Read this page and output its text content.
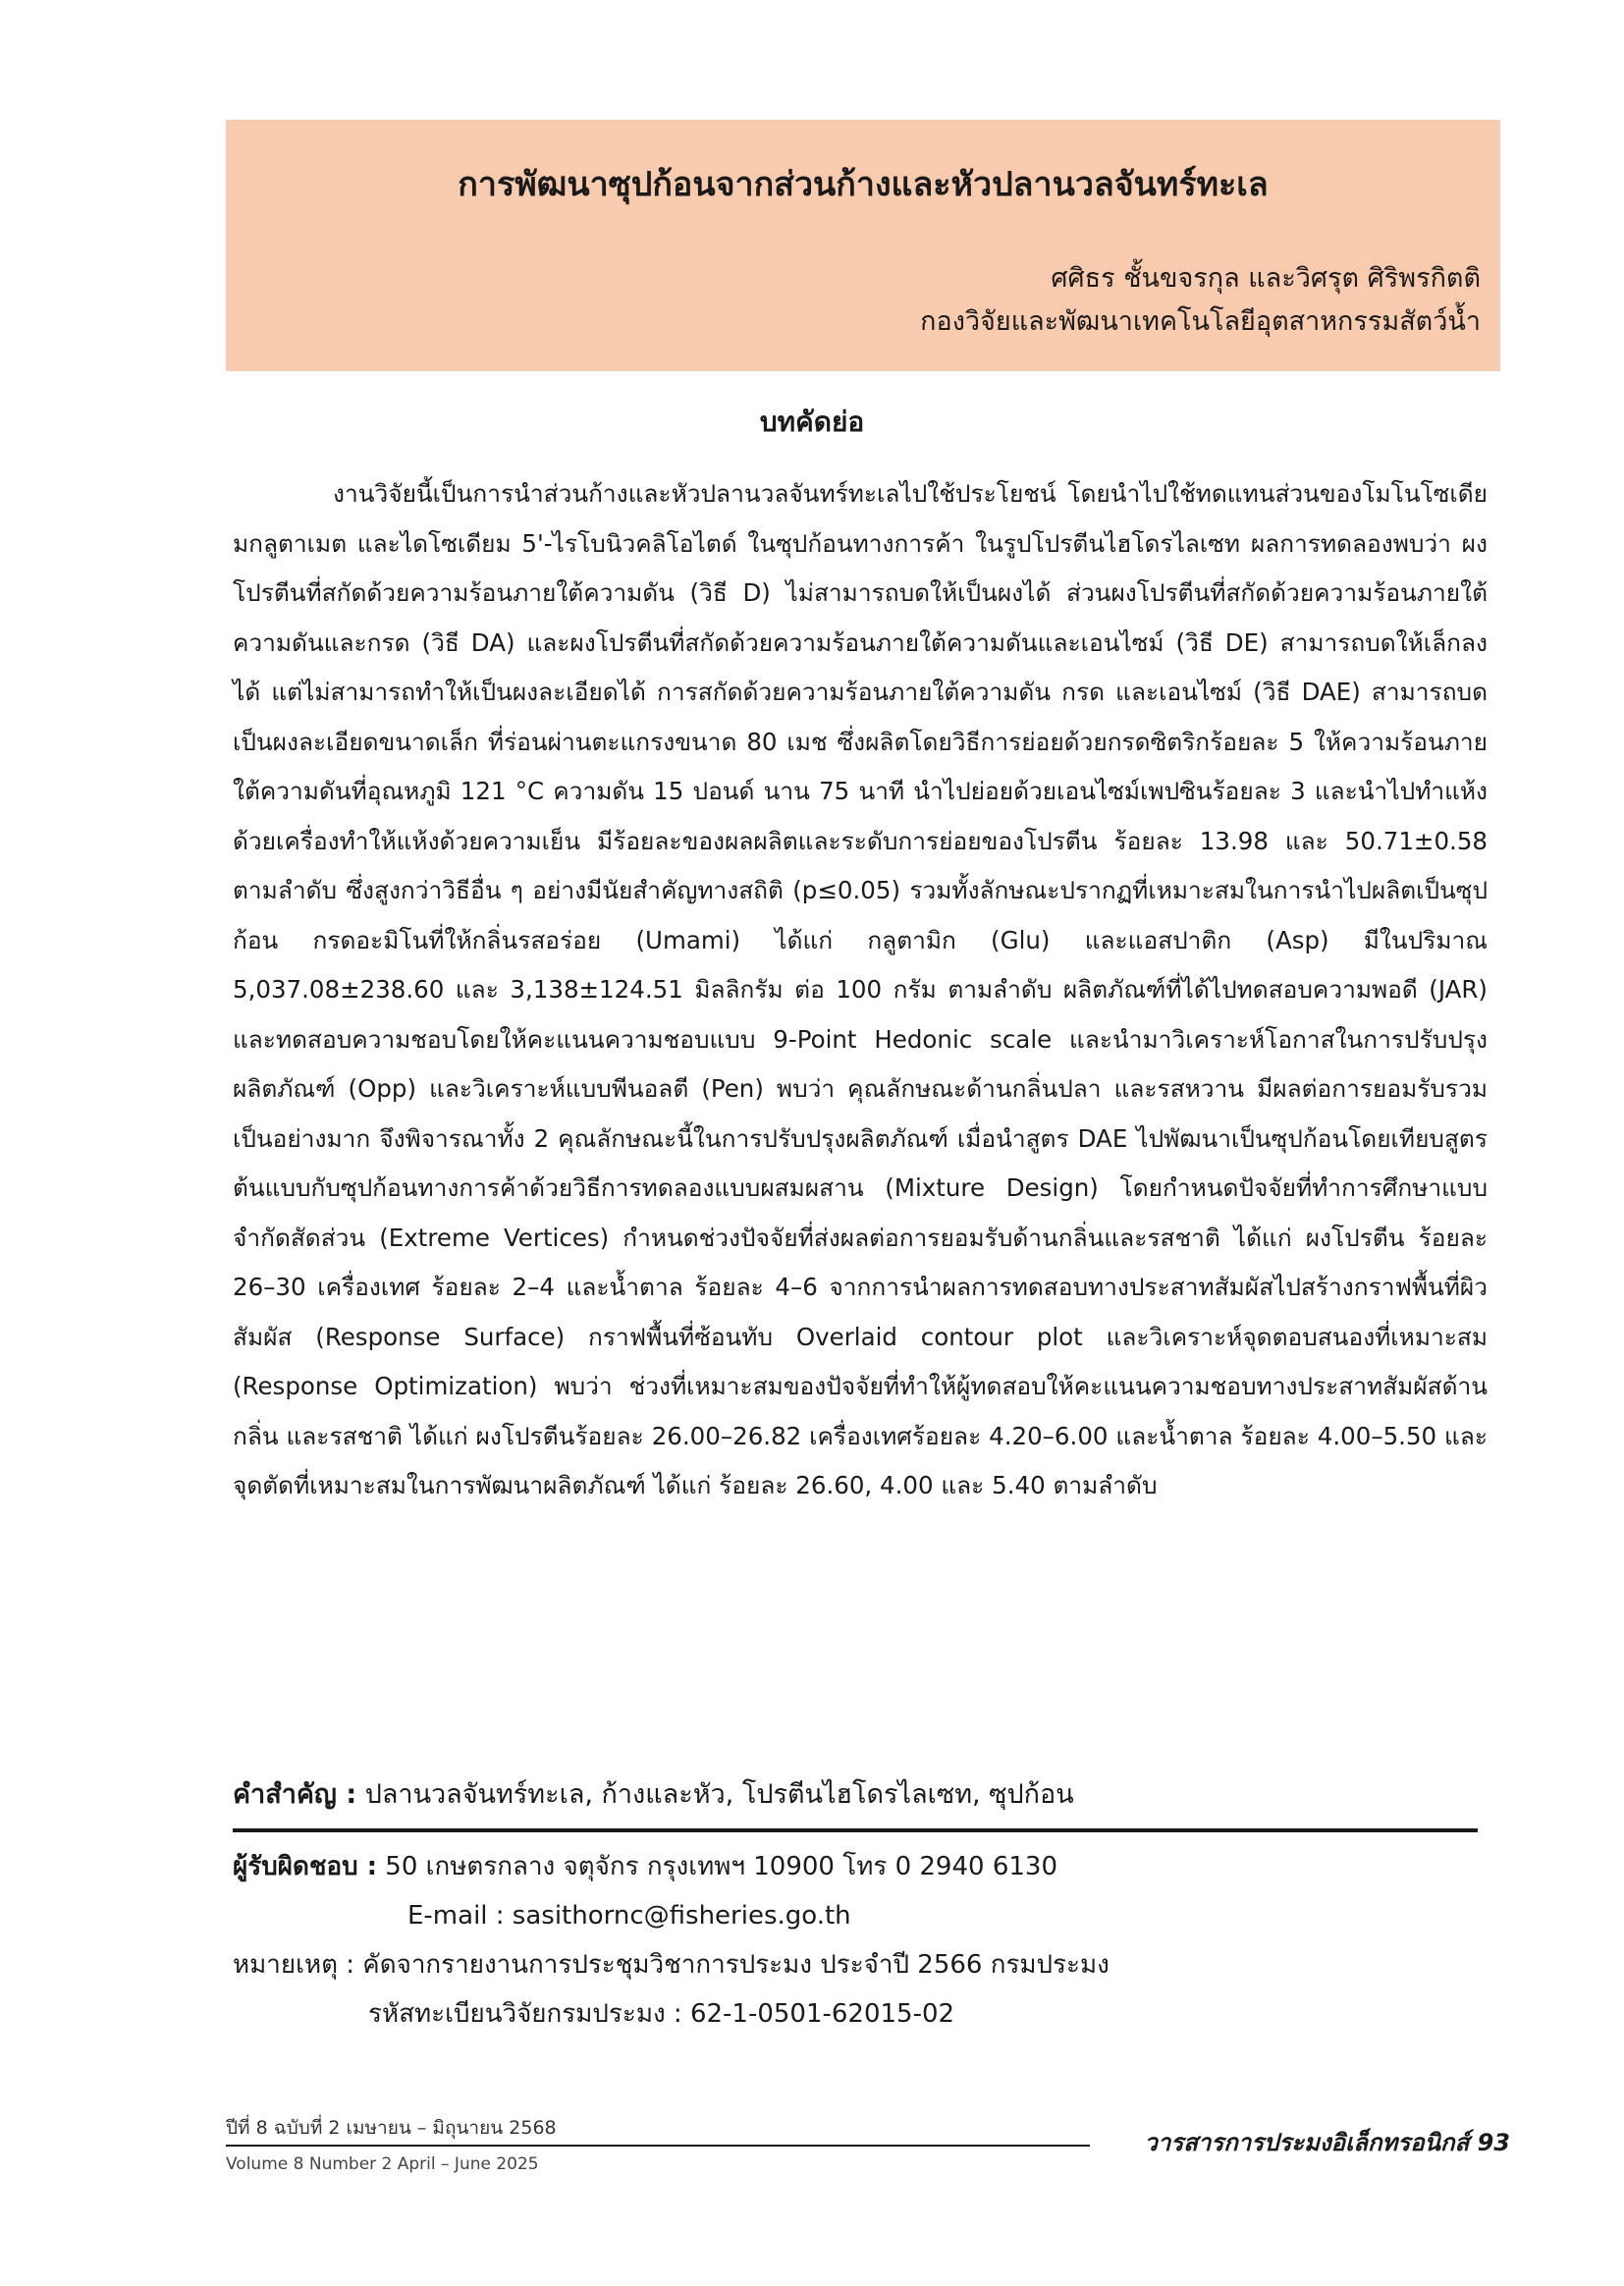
การพัฒนาซุปก้อนจากส่วนก้างและหัวปลานวลจันทร์ทะเล
ศศิธร ชั้นขจรกุล และวิศรุต ศิริพรกิตติ
กองวิจัยและพัฒนาเทคโนโลยีอุตสาหกรรมสัตว์น้ำ
บทคัดย่อ

งานวิจัยนี้เป็นการนำส่วนก้างและหัวปลานวลจันทร์ทะเลไปใช้ประโยชน์ โดยนำไปใช้ทดแทนส่วนของโมโนโซเดียมกลูตาเมต และไดโซเดียม 5'-ไรโบนิวคลิโอไตด์ ในซุปก้อนทางการค้า ในรูปโปรตีนไฮโดรไลเซท ผลการทดลองพบว่า ผงโปรตีนที่สกัดด้วยความร้อนภายใต้ความดัน (วิธี D) ไม่สามารถบดให้เป็นผงได้ ส่วนผงโปรตีนที่สกัดด้วยความร้อนภายใต้ความดันและกรด (วิธี DA) และผงโปรตีนที่สกัดด้วยความร้อนภายใต้ความดันและเอนไซม์ (วิธี DE) สามารถบดให้เล็กลงได้ แต่ไม่สามารถทำให้เป็นผงละเอียดได้ การสกัดด้วยความร้อนภายใต้ความดัน กรด และเอนไซม์ (วิธี DAE) สามารถบดเป็นผงละเอียดขนาดเล็ก ที่ร่อนผ่านตะแกรงขนาด 80 เมช ซึ่งผลิตโดยวิธีการย่อยด้วยกรดซิตริกร้อยละ 5 ให้ความร้อนภายใต้ความดันที่อุณหภูมิ 121 °C ความดัน 15 ปอนด์ นาน 75 นาที นำไปย่อยด้วยเอนไซม์เพปซินร้อยละ 3 และนำไปทำแห้งด้วยเครื่องทำให้แห้งด้วยความเย็น มีร้อยละของผลผลิตและระดับการย่อยของโปรตีน ร้อยละ 13.98 และ 50.71±0.58 ตามลำดับ ซึ่งสูงกว่าวิธีอื่น ๆ อย่างมีนัยสำคัญทางสถิติ (p≤0.05) รวมทั้งลักษณะปรากฏที่เหมาะสมในการนำไปผลิตเป็นซุปก้อน กรดอะมิโนที่ให้กลิ่นรสอร่อย (Umami) ได้แก่ กลูตามิก (Glu) และแอสปาติก (Asp) มีในปริมาณ 5,037.08±238.60 และ 3,138±124.51 มิลลิกรัม ต่อ 100 กรัม ตามลำดับ ผลิตภัณฑ์ที่ได้ไปทดสอบความพอดี (JAR) และทดสอบความชอบโดยให้คะแนนความชอบแบบ 9-Point Hedonic scale และนำมาวิเคราะห์โอกาสในการปรับปรุงผลิตภัณฑ์ (Opp) และวิเคราะห์แบบพีนอลตี (Pen) พบว่า คุณลักษณะด้านกลิ่นปลา และรสหวาน มีผลต่อการยอมรับรวมเป็นอย่างมาก จึงพิจารณาทั้ง 2 คุณลักษณะนี้ในการปรับปรุงผลิตภัณฑ์ เมื่อนำสูตร DAE ไปพัฒนาเป็นซุปก้อนโดยเทียบสูตรต้นแบบกับซุปก้อนทางการค้าด้วยวิธีการทดลองแบบผสมผสาน (Mixture Design) โดยกำหนดปัจจัยที่ทำการศึกษาแบบจำกัดสัดส่วน (Extreme Vertices) กำหนดช่วงปัจจัยที่ส่งผลต่อการยอมรับด้านกลิ่นและรสชาติ ได้แก่ ผงโปรตีน ร้อยละ 26–30 เครื่องเทศ ร้อยละ 2–4 และน้ำตาล ร้อยละ 4–6 จากการนำผลการทดสอบทางประสาทสัมผัสไปสร้างกราฟพื้นที่ผิวสัมผัส (Response Surface) กราฟพื้นที่ซ้อนทับ Overlaid contour plot และวิเคราะห์จุดตอบสนองที่เหมาะสม (Response Optimization) พบว่า ช่วงที่เหมาะสมของปัจจัยที่ทำให้ผู้ทดสอบให้คะแนนความชอบทางประสาทสัมผัสด้านกลิ่น และรสชาติ ได้แก่ ผงโปรตีนร้อยละ 26.00–26.82 เครื่องเทศร้อยละ 4.20–6.00 และน้ำตาล ร้อยละ 4.00–5.50 และจุดตัดที่เหมาะสมในการพัฒนาผลิตภัณฑ์ ได้แก่ ร้อยละ 26.60, 4.00 และ 5.40 ตามลำดับ

คำสำคัญ : ปลานวลจันทร์ทะเล, ก้างและหัว, โปรตีนไฮโดรไลเซท, ซุปก้อน
ผู้รับผิดชอบ : 50 เกษตรกลาง จตุจักร กรุงเทพฯ 10900 โทร 0 2940 6130
E-mail : sasithornc@fisheries.go.th
หมายเหตุ : คัดจากรายงานการประชุมวิชาการประมง ประจำปี 2566 กรมประมง
รหัสทะเบียนวิจัยกรมประมง : 62-1-0501-62015-02
ปีที่ 8 ฉบับที่ 2 เมษายน – มิถุนายน 2568
Volume 8 Number 2 April – June 2025
วารสารการประมงอิเล็กทรอนิกส์ 93
